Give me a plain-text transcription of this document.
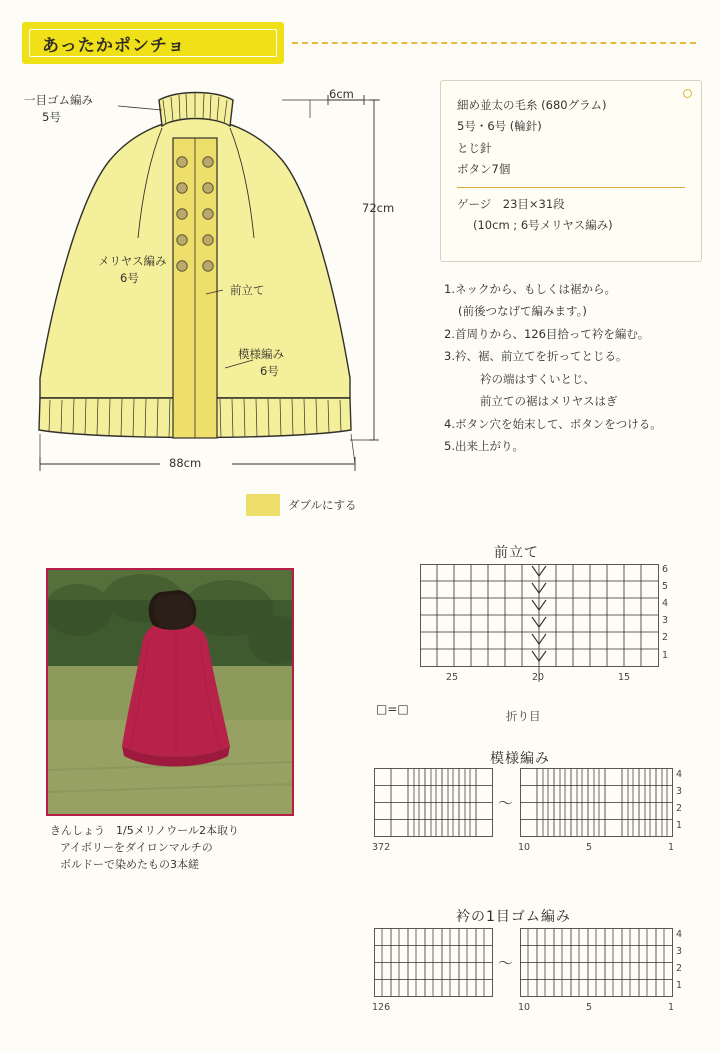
あったかポンチョ
一目ゴム編み
5号
メリヤス編み
6号
前立て
模様編み
6号
6cm
72cm
88cm
細め並太の毛糸 (680グラム)
5号・6号 (輪針)
とじ針
ボタン7個
ゲージ　23目×31段
(10cm ; 6号メリヤス編み)
1.ネックから、もしくは裾から。
(前後つなげて編みます。)
2.首周りから、126目拾って衿を編む。
3.衿、裾、前立てを折ってとじる。
衿の端はすくいとじ、
前立ての裾はメリヤスはぎ
4.ボタン穴を始末して、ボタンをつける。
5.出来上がり。
ダブルにする
きんしょう　1/5メリノウール2本取り
アイボリーをダイロンマルチの
ボルドーで染めたもの3本縒
前立て
6
5
4
3
2
1
25	20	15
□=□	折り目
模様編み
〜
4
3
2
1
372	10	5	1
衿の1目ゴム編み
〜
4
3
2
1
126	10	5	1
